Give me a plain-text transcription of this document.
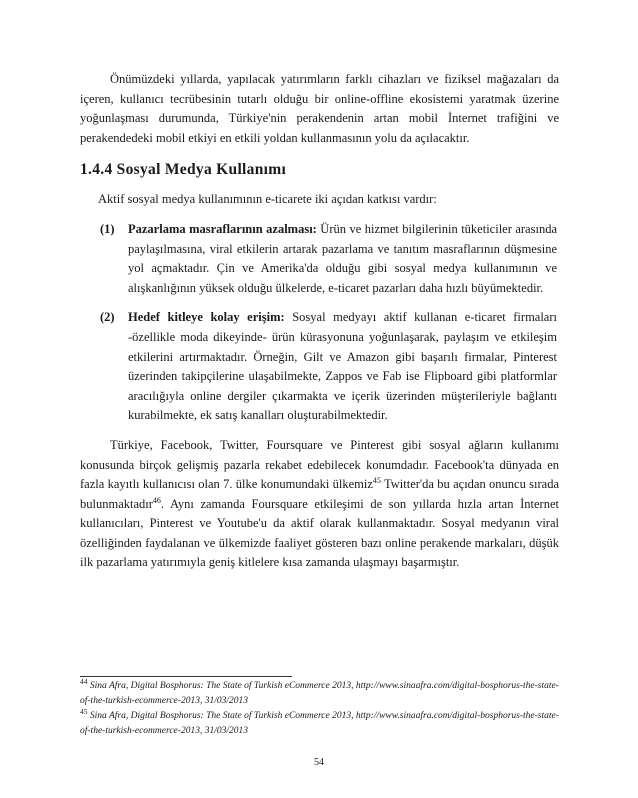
Önümüzdeki yıllarda, yapılacak yatırımların farklı cihazları ve fiziksel mağazaları da içeren, kullanıcı tecrübesinin tutarlı olduğu bir online-offline ekosistemi yaratmak üzerine yoğunlaşması durumunda, Türkiye'nin perakendenin artan mobil İnternet trafiğini ve perakendedeki mobil etkiyi en etkili yoldan kullanmasının yolu da açılacaktır.

1.4.4 Sosyal Medya Kullanımı

Aktif sosyal medya kullanımının e-ticarete iki açıdan katkısı vardır:

(1) Pazarlama masraflarının azalması: Ürün ve hizmet bilgilerinin tüketiciler arasında paylaşılmasına, viral etkilerin artarak pazarlama ve tanıtım masraflarının düşmesine yol açmaktadır. Çin ve Amerika'da olduğu gibi sosyal medya kullanımının ve alışkanlığının yüksek olduğu ülkelerde, e-ticaret pazarları daha hızlı büyümektedir.

(2) Hedef kitleye kolay erişim: Sosyal medyayı aktif kullanan e-ticaret firmaları -özellikle moda dikeyinde- ürün kürasyonuna yoğunlaşarak, paylaşım ve etkileşim etkilerini artırmaktadır. Örneğin, Gilt ve Amazon gibi başarılı firmalar, Pinterest üzerinden takipçilerine ulaşabilmekte, Zappos ve Fab ise Flipboard gibi platformlar aracılığıyla online dergiler çıkarmakta ve içerik üzerinden müşterileriyle bağlantı kurabilmekte, ek satış kanalları oluşturabilmektedir.

Türkiye, Facebook, Twitter, Foursquare ve Pinterest gibi sosyal ağların kullanımı konusunda birçok gelişmiş pazarla rekabet edebilecek konumdadır. Facebook'ta dünyada en fazla kayıtlı kullanıcısı olan 7. ülke konumundaki ülkemiz$^{45}$ Twitter'da bu açıdan onuncu sırada bulunmaktadır$^{46}$. Aynı zamanda Foursquare etkileşimi de son yıllarda hızla artan İnternet kullanıcıları, Pinterest ve Youtube'u da aktif olarak kullanmaktadır. Sosyal medyanın viral özelliğinden faydalanan ve ülkemizde faaliyet gösteren bazı online perakende markaları, düşük ilk pazarlama yatırımıyla geniş kitlelere kısa zamanda ulaşmayı başarmıştır.

$^{44}$ Sina Afra, Digital Bosphorus: The State of Turkish eCommerce 2013, http://www.sinaafra.com/digital-bosphorus-the-state-of-the-turkish-ecommerce-2013, 31/03/2013

$^{45}$ Sina Afra, Digital Bosphorus: The State of Turkish eCommerce 2013, http://www.sinaafra.com/digital-bosphorus-the-state-of-the-turkish-ecommerce-2013, 31/03/2013

54
